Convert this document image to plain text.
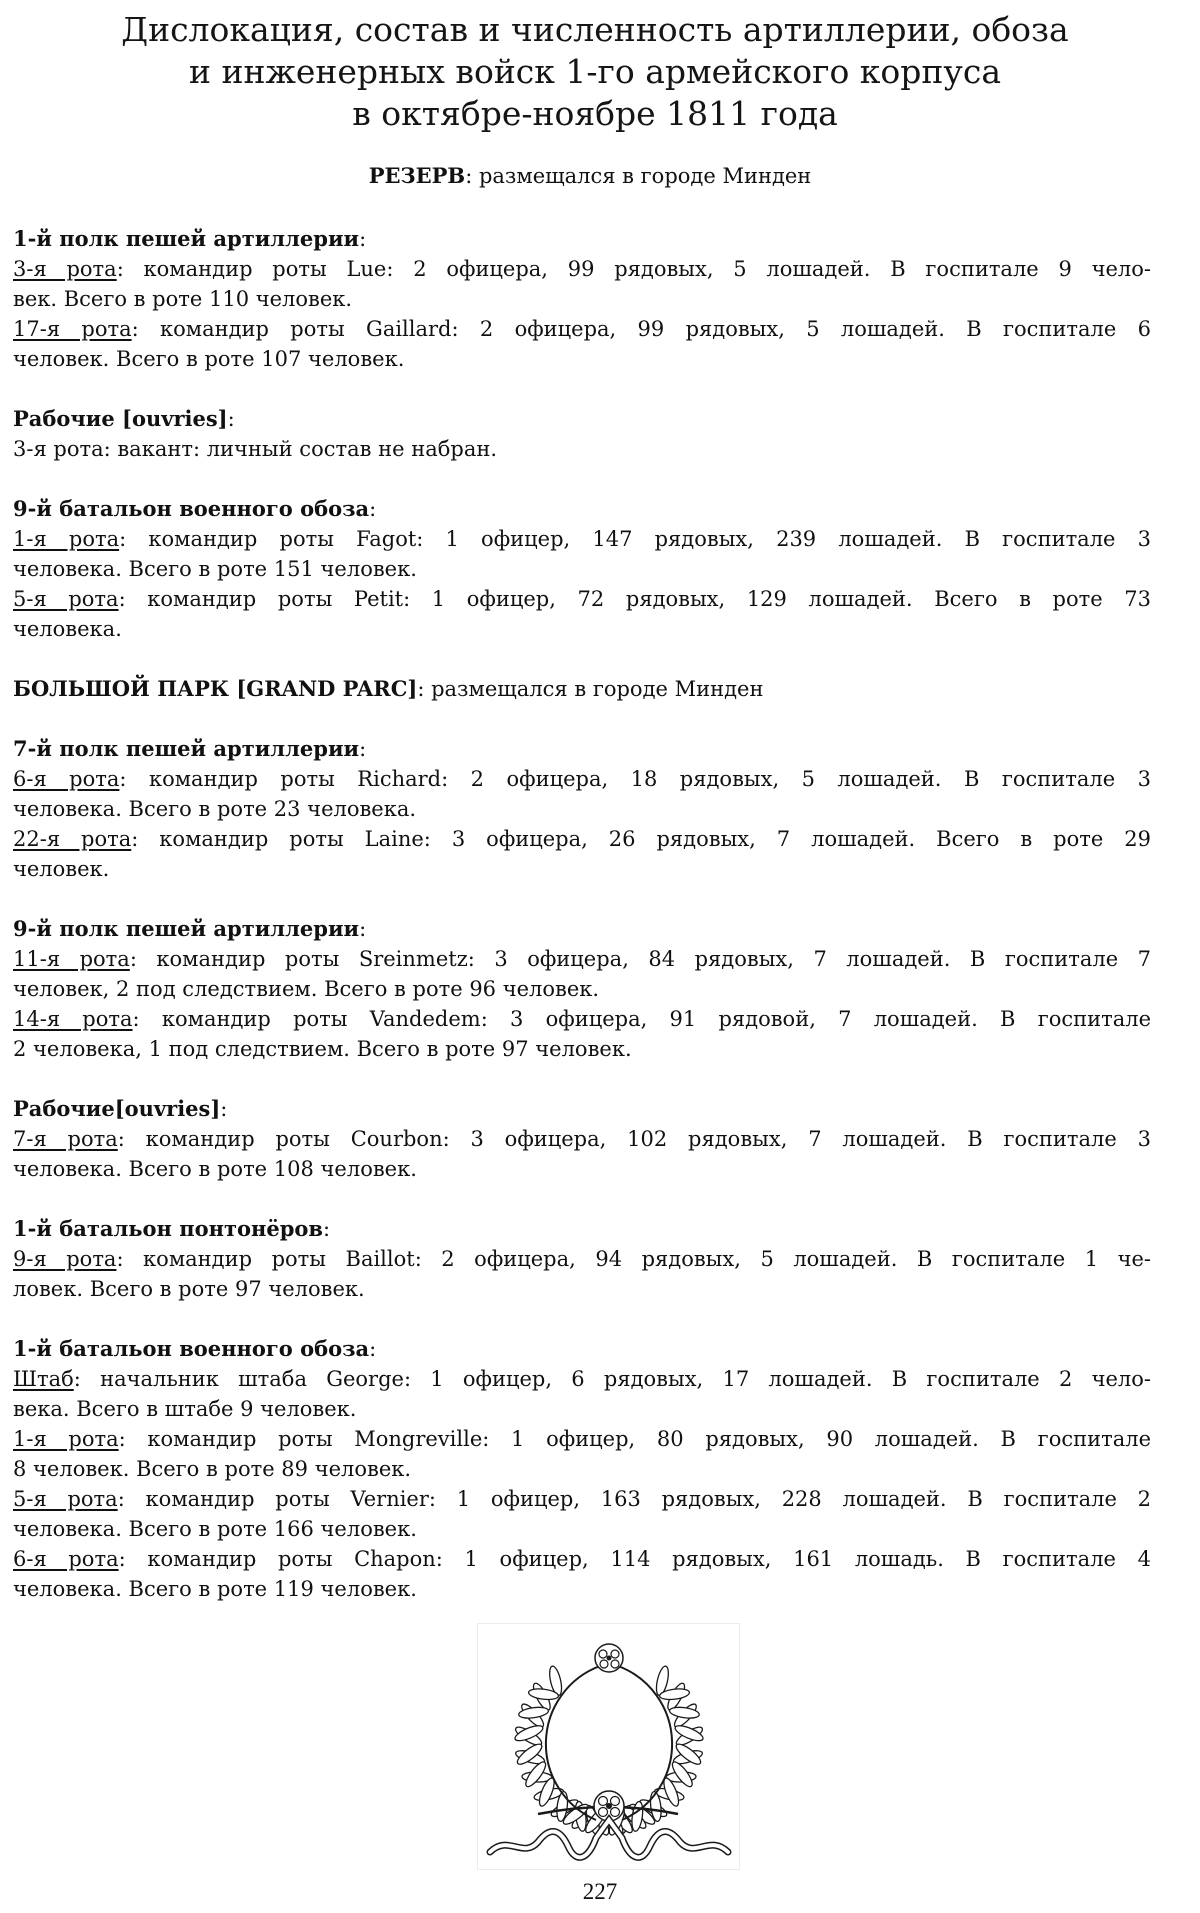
Дислокация, состав и численность артиллерии, обоза
и инженерных войск 1-го армейского корпуса
в октябре-ноябре 1811 года
РЕЗЕРВ: размещался в городе Минден
1-й полк пешей артиллерии:
3-я рота: командир роты Lue: 2 офицера, 99 рядовых, 5 лошадей. В госпитале 9 чело-
век. Всего в роте 110 человек.
17-я рота: командир роты Gaillard: 2 офицера, 99 рядовых, 5 лошадей. В госпитале 6
человек. Всего в роте 107 человек.
Рабочие [ouvries]:
3-я рота: вакант: личный состав не набран.
9-й батальон военного обоза:
1-я рота: командир роты Fagot: 1 офицер, 147 рядовых, 239 лошадей. В госпитале 3
человека. Всего в роте 151 человек.
5-я рота: командир роты Petit: 1 офицер, 72 рядовых, 129 лошадей. Всего в роте 73
человека.
БОЛЬШОЙ ПАРК [GRAND PARC]: размещался в городе Минден
7-й полк пешей артиллерии:
6-я рота: командир роты Richard: 2 офицера, 18 рядовых, 5 лошадей. В госпитале 3
человека. Всего в роте 23 человека.
22-я рота: командир роты Laine: 3 офицера, 26 рядовых, 7 лошадей. Всего в роте 29
человек.
9-й полк пешей артиллерии:
11-я рота: командир роты Sreinmetz: 3 офицера, 84 рядовых, 7 лошадей. В госпитале 7
человек, 2 под следствием. Всего в роте 96 человек.
14-я рота: командир роты Vandedem: 3 офицера, 91 рядовой, 7 лошадей. В госпитале
2 человека, 1 под следствием. Всего в роте 97 человек.
Рабочие[ouvries]:
7-я рота: командир роты Courbon: 3 офицера, 102 рядовых, 7 лошадей. В госпитале 3
человека. Всего в роте 108 человек.
1-й батальон понтонёров:
9-я рота: командир роты Baillot: 2 офицера, 94 рядовых, 5 лошадей. В госпитале 1 че-
ловек. Всего в роте 97 человек.
1-й батальон военного обоза:
Штаб: начальник штаба George: 1 офицер, 6 рядовых, 17 лошадей. В госпитале 2 чело-
века. Всего в штабе 9 человек.
1-я рота: командир роты Mongreville: 1 офицер, 80 рядовых, 90 лошадей. В госпитале
8 человек. Всего в роте 89 человек.
5-я рота: командир роты Vernier: 1 офицер, 163 рядовых, 228 лошадей. В госпитале 2
человека. Всего в роте 166 человек.
6-я рота: командир роты Chapon: 1 офицер, 114 рядовых, 161 лошадь. В госпитале 4
человека. Всего в роте 119 человек.
227
